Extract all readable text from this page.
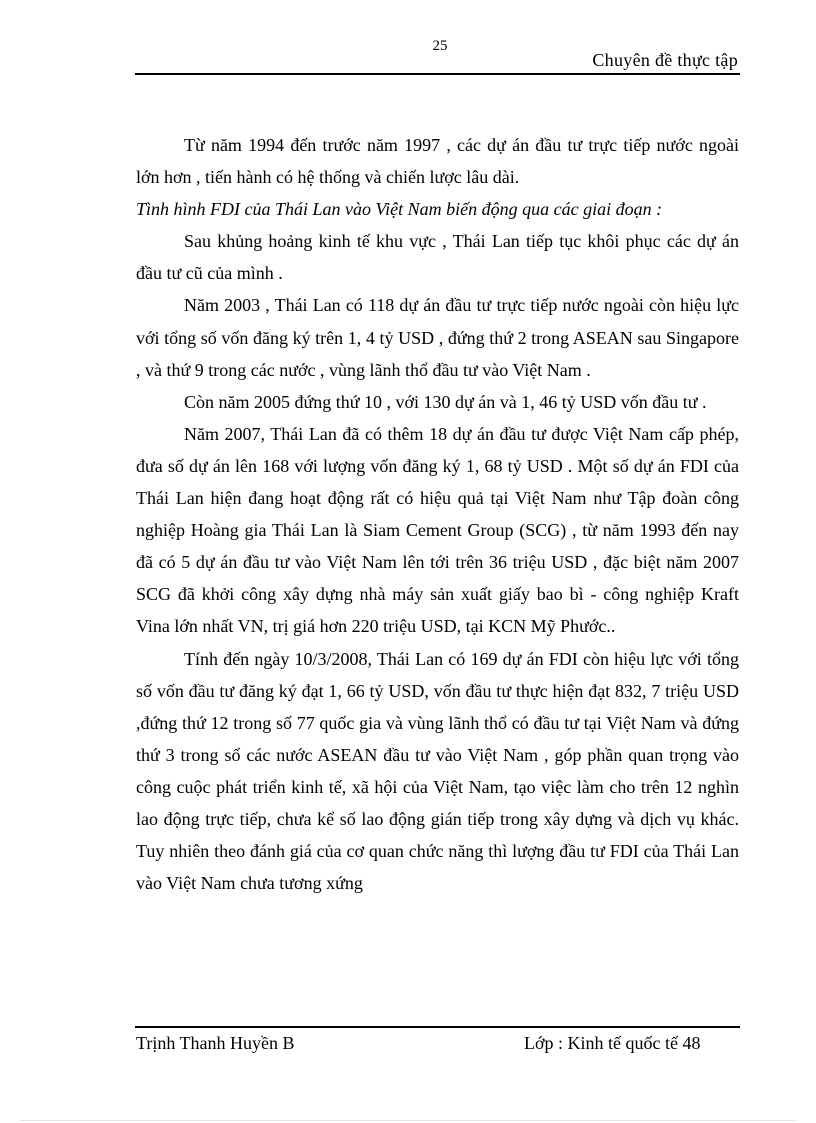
25
Chuyên đề thực tập

Từ năm 1994 đến trước năm 1997 , các dự án đầu tư trực tiếp nước ngoài lớn hơn , tiến hành có hệ thống và chiến lược lâu dài.

Tình hình FDI của Thái Lan vào Việt Nam biến động qua các giai đoạn :

Sau khủng hoảng kinh tế khu vực , Thái Lan tiếp tục khôi phục các dự án đầu tư cũ của mình .

Năm 2003 , Thái Lan có 118 dự án đầu tư trực tiếp nước ngoài còn hiệu lực với tổng số vốn đăng ký trên 1, 4 tỷ USD , đứng thứ 2 trong ASEAN sau Singapore , và thứ 9 trong các nước , vùng lãnh thổ đầu tư vào Việt Nam .

Còn năm 2005 đứng thứ 10 , với 130 dự án và 1, 46 tỷ USD vốn đầu tư .

Năm 2007, Thái Lan đã có thêm 18 dự án đầu tư được Việt Nam cấp phép, đưa số dự án lên 168 với lượng vốn đăng ký 1, 68 tỷ USD . Một số dự án FDI của Thái Lan hiện đang hoạt động rất có hiệu quả tại Việt Nam như Tập đoàn công nghiệp Hoàng gia Thái Lan là Siam Cement Group (SCG) , từ năm 1993 đến nay đã có 5 dự án đầu tư vào Việt Nam lên tới trên 36 triệu USD , đặc biệt năm 2007 SCG đã khởi công xây dựng nhà máy sản xuất giấy bao bì - công nghiệp Kraft Vina lớn nhất VN, trị giá hơn 220 triệu USD, tại KCN Mỹ Phước..

Tính đến ngày 10/3/2008, Thái Lan có 169 dự án FDI còn hiệu lực với tổng số vốn đầu tư đăng ký đạt 1, 66 tỷ USD, vốn đầu tư thực hiện đạt 832, 7 triệu USD ,đứng thứ 12 trong số 77 quốc gia và vùng lãnh thổ có đầu tư tại Việt Nam và đứng thứ 3 trong số các nước ASEAN đầu tư vào Việt Nam , góp phần quan trọng vào công cuộc phát triển kinh tế, xã hội của Việt Nam, tạo việc làm cho trên 12 nghìn lao động trực tiếp, chưa kể số lao động gián tiếp trong xây dựng và dịch vụ khác. Tuy nhiên theo đánh giá của cơ quan chức năng thì lượng đầu tư FDI của Thái Lan vào Việt Nam chưa tương xứng

Trịnh Thanh Huyền B	Lớp : Kinh tế quốc tế 48
